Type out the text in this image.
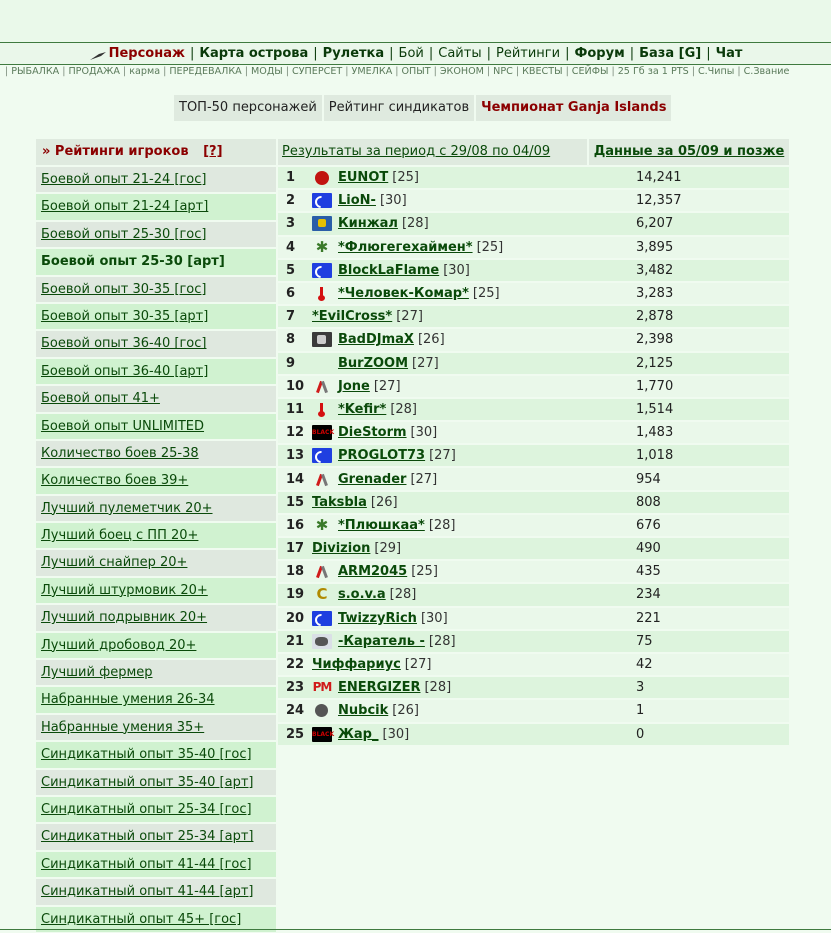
Персонаж | Карта острова | Рулетка | Бой | Сайты | Рейтинги | Форум | База [G] | Чат
| РЫБАЛКА | ПРОДАЖА | карма | ПЕРЕДЕВАЛКА | МОДЫ | СУПЕРСЕТ | УМЕЛКА | ОПЫТ | ЭКОНОМ | NPC | КВЕСТЫ | СЕЙФЫ | 25 Гб за 1 PTS | С.Чипы | С.Звание
ТОП-50 персонажей Рейтинг синдикатов Чемпионат Ganja Islands
» Рейтинги игроков [?]
Боевой опыт 21-24 [гос]
Боевой опыт 21-24 [арт]
Боевой опыт 25-30 [гос]
Боевой опыт 25-30 [арт]
Боевой опыт 30-35 [гос]
Боевой опыт 30-35 [арт]
Боевой опыт 36-40 [гос]
Боевой опыт 36-40 [арт]
Боевой опыт 41+
Боевой опыт UNLIMITED
Количество боев 25-38
Количество боев 39+
Лучший пулеметчик 20+
Лучший боец с ПП 20+
Лучший снайпер 20+
Лучший штурмовик 20+
Лучший подрывник 20+
Лучший дробовод 20+
Лучший фермер
Набранные умения 26-34
Набранные умения 35+
Синдикатный опыт 35-40 [гос]
Синдикатный опыт 35-40 [арт]
Синдикатный опыт 25-34 [гос]
Синдикатный опыт 25-34 [арт]
Синдикатный опыт 41-44 [гос]
Синдикатный опыт 41-44 [арт]
Синдикатный опыт 45+ [гос]
Результаты за период с 29/08 по 04/09	Данные за 05/09 и позже
1	EUNOT [25]	14,241
2	LioN- [30]	12,357
3	Кинжал [28]	6,207
4	✱ *Флюгегехаймен* [25]	3,895
5	BlockLaFlame [30]	3,482
6	*Человек-Комар* [25]	3,283
7	*EvilCross* [27]	2,878
8	BadDJmaX [26]	2,398
9	BurZOOM [27]	2,125
10	Jone [27]	1,770
11	*Kefir* [28]	1,514
12	BLACK DieStorm [30]	1,483
13	PROGLOT73 [27]	1,018
14	Grenader [27]	954
15 Taksbla [26]	808
16 ✱ *Плюшкаа* [28]	676
17 Divizion [29]	490
18	ARM2045 [25]	435
19 C s.o.v.a [28]	234
20	TwizzyRich [30]	221
21	-Каратель - [28]	75
22 Чиффариус [27]	42
23 PM ENERGIZER [28]	3
24	Nubcik [26]	1
25	BLACK Жар_ [30]	0
